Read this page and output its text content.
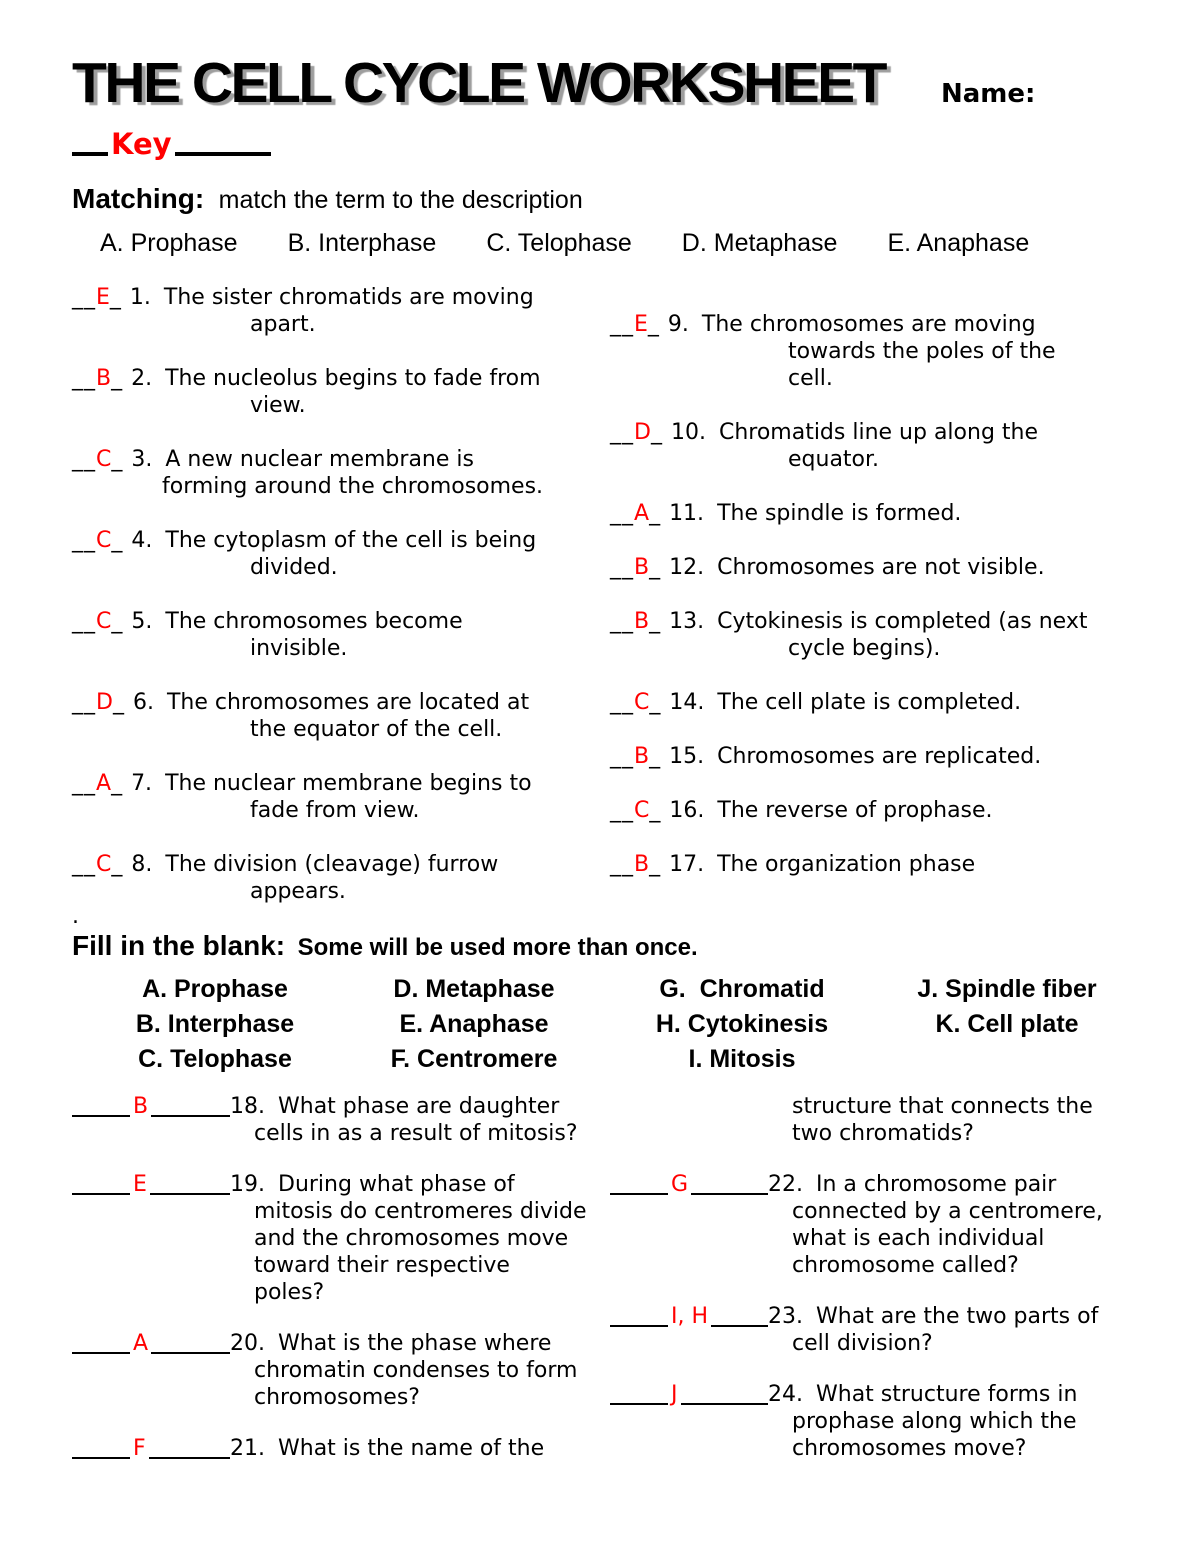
THE CELL CYCLE WORKSHEET Name:
Key
Matching: match the term to the description
A. Prophase B. Interphase C. Telophase D. Metaphase E. Anaphase
__E_ 1. The sister chromatids are moving
apart.
__B_ 2. The nucleolus begins to fade from
view.
__C_ 3. A new nuclear membrane is
forming around the chromosomes.
__C_ 4. The cytoplasm of the cell is being
divided.
__C_ 5. The chromosomes become
invisible.
__D_ 6. The chromosomes are located at
the equator of the cell.
__A_ 7. The nuclear membrane begins to
fade from view.
__C_ 8. The division (cleavage) furrow
appears.
__E_ 9. The chromosomes are moving
towards the poles of the
cell.
__D_ 10. Chromatids line up along the
equator.
__A_ 11. The spindle is formed.
__B_ 12. Chromosomes are not visible.
__B_ 13. Cytokinesis is completed (as next
cycle begins).
__C_ 14. The cell plate is completed.
__B_ 15. Chromosomes are replicated.
__C_ 16. The reverse of prophase.
__B_ 17. The organization phase
.
Fill in the blank: Some will be used more than once.
A. Prophase	D. Metaphase	G.  Chromatid	J. Spindle fiber
B. Interphase	E. Anaphase	H. Cytokinesis	K. Cell plate
C. Telophase	F. Centromere	I. Mitosis
B	18. What phase are daughter
cells in as a result of mitosis?
E	19. During what phase of
mitosis do centromeres divide
and the chromosomes move
toward their respective
poles?
A	20. What is the phase where
chromatin condenses to form
chromosomes?
F	21. What is the name of the
structure that connects the
two chromatids?
G	22. In a chromosome pair
connected by a centromere,
what is each individual
chromosome called?
I, H	23. What are the two parts of
cell division?
J	24. What structure forms in
prophase along which the
chromosomes move?
